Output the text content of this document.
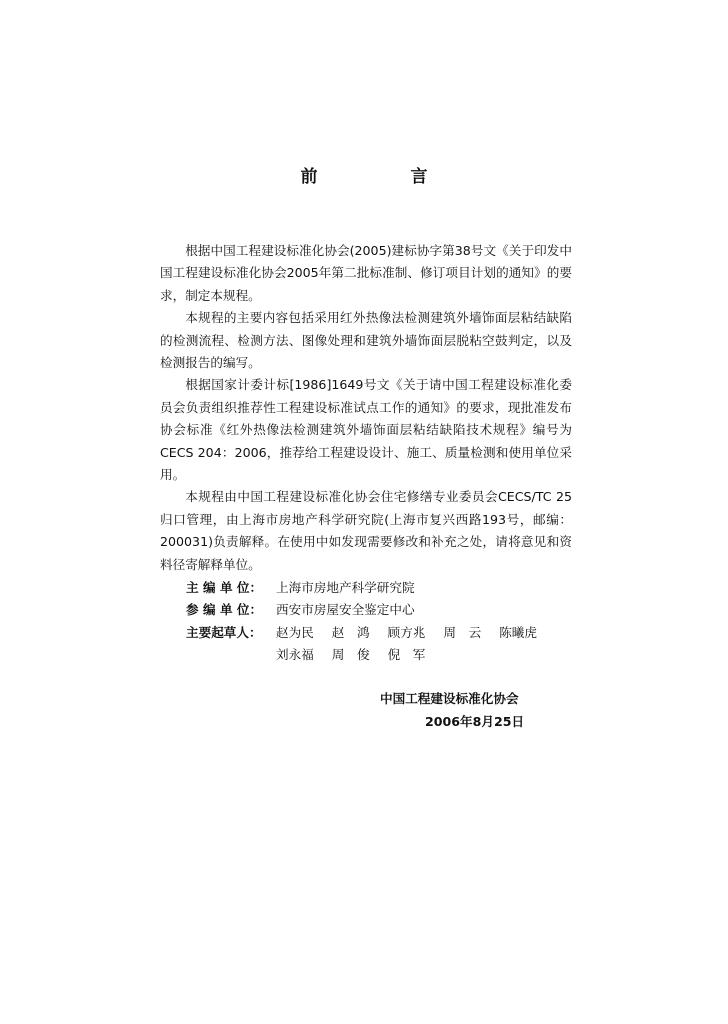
前　言

根据中国工程建设标准化协会(2005)建标协字第38号文《关于印发中国工程建设标准化协会2005年第二批标准制、修订项目计划的通知》的要求，制定本规程。

本规程的主要内容包括采用红外热像法检测建筑外墙饰面层粘结缺陷的检测流程、检测方法、图像处理和建筑外墙饰面层脱粘空鼓判定，以及检测报告的编写。

根据国家计委计标[1986]1649号文《关于请中国工程建设标准化委员会负责组织推荐性工程建设标准试点工作的通知》的要求，现批准发布协会标准《红外热像法检测建筑外墙饰面层粘结缺陷技术规程》编号为CECS 204：2006，推荐给工程建设设计、施工、质量检测和使用单位采用。

本规程由中国工程建设标准化协会住宅修缮专业委员会CECS/TC 25归口管理，由上海市房地产科学研究院(上海市复兴西路193号，邮编：200031)负责解释。在使用中如发现需要修改和补充之处，请将意见和资料径寄解释单位。

主 编 单 位：	上海市房地产科学研究院
参 编 单 位：	西安市房屋安全鉴定中心
主要起草人：	赵为民 赵　鸿 顾方兆 周　云 陈曦虎
刘永福 周　俊 倪　军
中国工程建设标准化协会
2006年8月25日
